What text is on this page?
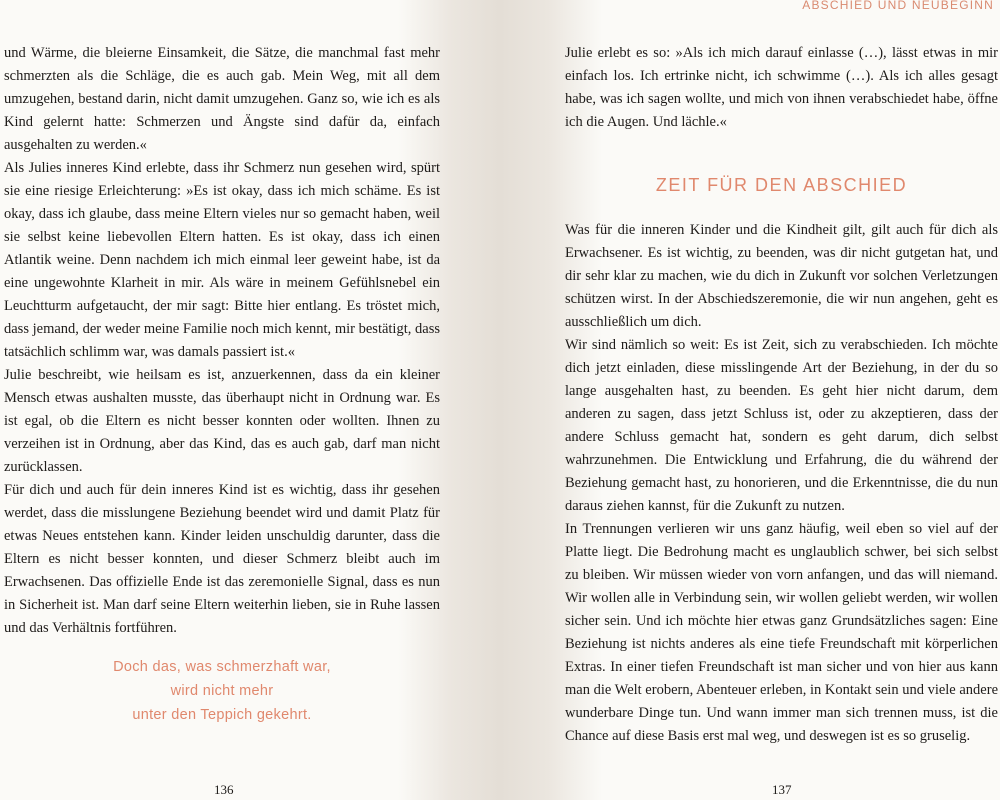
ABSCHIED UND NEUBEGINN

und Wärme, die bleierne Einsamkeit, die Sätze, die manchmal fast mehr schmerzten als die Schläge, die es auch gab. Mein Weg, mit all dem umzugehen, bestand darin, nicht damit umzugehen. Ganz so, wie ich es als Kind gelernt hatte: Schmerzen und Ängste sind dafür da, einfach ausgehalten zu werden.«

Als Julies inneres Kind erlebte, dass ihr Schmerz nun gesehen wird, spürt sie eine riesige Erleichterung: »Es ist okay, dass ich mich schäme. Es ist okay, dass ich glaube, dass meine Eltern vieles nur so gemacht haben, weil sie selbst keine liebevollen Eltern hatten. Es ist okay, dass ich einen Atlantik weine. Denn nachdem ich mich einmal leer geweint habe, ist da eine ungewohnte Klarheit in mir. Als wäre in meinem Gefühlsnebel ein Leuchtturm aufgetaucht, der mir sagt: Bitte hier entlang. Es tröstet mich, dass jemand, der weder meine Familie noch mich kennt, mir bestätigt, dass tatsächlich schlimm war, was damals passiert ist.«

Julie beschreibt, wie heilsam es ist, anzuerkennen, dass da ein kleiner Mensch etwas aushalten musste, das überhaupt nicht in Ordnung war. Es ist egal, ob die Eltern es nicht besser konnten oder wollten. Ihnen zu verzeihen ist in Ordnung, aber das Kind, das es auch gab, darf man nicht zurücklassen.

Für dich und auch für dein inneres Kind ist es wichtig, dass ihr gesehen werdet, dass die misslungene Beziehung beendet wird und damit Platz für etwas Neues entstehen kann. Kinder leiden unschuldig darunter, dass die Eltern es nicht besser konnten, und dieser Schmerz bleibt auch im Erwachsenen. Das offizielle Ende ist das zeremonielle Signal, dass es nun in Sicherheit ist. Man darf seine Eltern weiterhin lieben, sie in Ruhe lassen und das Verhältnis fortführen.

Doch das, was schmerzhaft war,
wird nicht mehr
unter den Teppich gekehrt.
136

Julie erlebt es so: »Als ich mich darauf einlasse (…), lässt etwas in mir einfach los. Ich ertrinke nicht, ich schwimme (…). Als ich alles gesagt habe, was ich sagen wollte, und mich von ihnen verabschiedet habe, öffne ich die Augen. Und lächle.«

ZEIT FÜR DEN ABSCHIED

Was für die inneren Kinder und die Kindheit gilt, gilt auch für dich als Erwachsener. Es ist wichtig, zu beenden, was dir nicht gutgetan hat, und dir sehr klar zu machen, wie du dich in Zukunft vor solchen Verletzungen schützen wirst. In der Abschiedszeremonie, die wir nun angehen, geht es ausschließlich um dich.

Wir sind nämlich so weit: Es ist Zeit, sich zu verabschieden. Ich möchte dich jetzt einladen, diese misslingende Art der Beziehung, in der du so lange ausgehalten hast, zu beenden. Es geht hier nicht darum, dem anderen zu sagen, dass jetzt Schluss ist, oder zu akzeptieren, dass der andere Schluss gemacht hat, sondern es geht darum, dich selbst wahrzunehmen. Die Entwicklung und Erfahrung, die du während der Beziehung gemacht hast, zu honorieren, und die Erkenntnisse, die du nun daraus ziehen kannst, für die Zukunft zu nutzen.

In Trennungen verlieren wir uns ganz häufig, weil eben so viel auf der Platte liegt. Die Bedrohung macht es unglaublich schwer, bei sich selbst zu bleiben. Wir müssen wieder von vorn anfangen, und das will niemand. Wir wollen alle in Verbindung sein, wir wollen geliebt werden, wir wollen sicher sein. Und ich möchte hier etwas ganz Grundsätzliches sagen: Eine Beziehung ist nichts anderes als eine tiefe Freundschaft mit körperlichen Extras. In einer tiefen Freundschaft ist man sicher und von hier aus kann man die Welt erobern, Abenteuer erleben, in Kontakt sein und viele andere wunderbare Dinge tun. Und wann immer man sich trennen muss, ist die Chance auf diese Basis erst mal weg, und deswegen ist es so gruselig.

137
